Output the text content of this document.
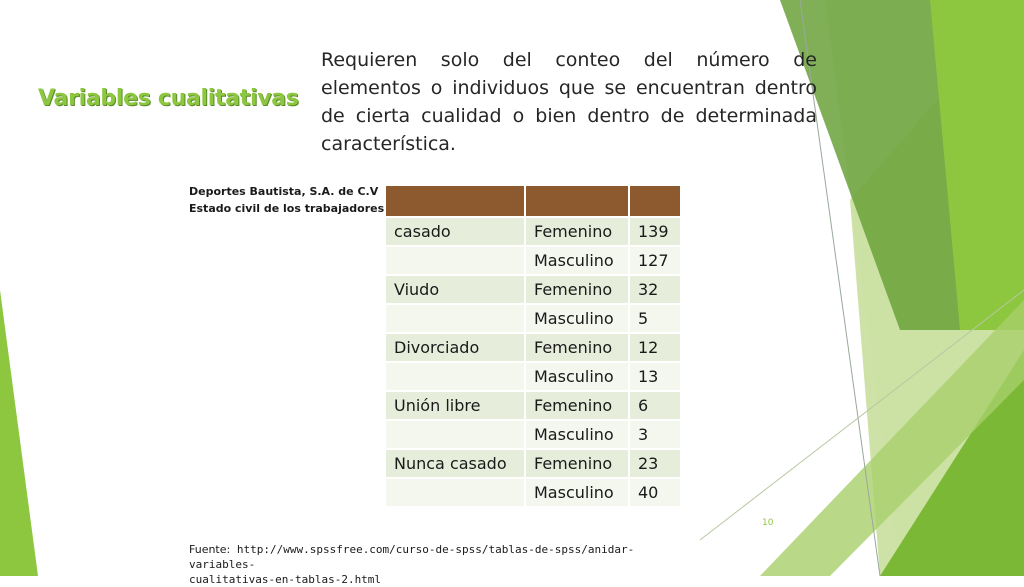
Variables cualitativas

Requieren solo del conteo del número de elementos o individuos que se encuentran dentro de cierta cualidad o bien dentro de determinada característica.

Deportes Bautista, S.A. de C.V
Estado civil de los trabajadores

casado	Femenino	139
	Masculino	127
Viudo	Femenino	32
	Masculino	5
Divorciado	Femenino	12
	Masculino	13
Unión libre	Femenino	6
	Masculino	3
Nunca casado	Femenino	23
	Masculino	40
10
Fuente: http://www.spssfree.com/curso-de-spss/tablas-de-spss/anidar-variables-
cualitativas-en-tablas-2.html
